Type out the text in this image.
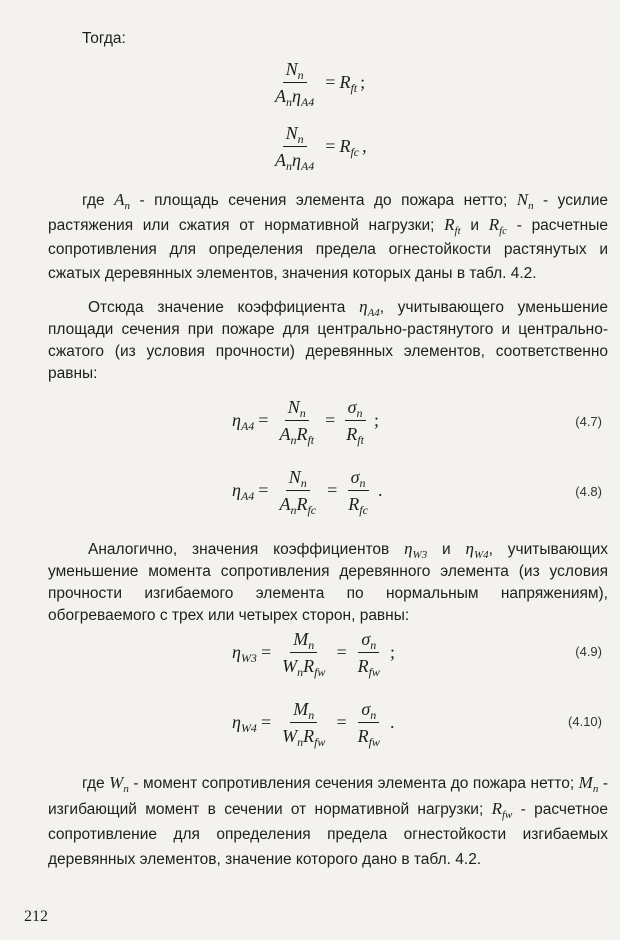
Тогда:
$\frac{N_n}{A_n\eta_{A4}} = R_{ft}$ ;
$\frac{N_n}{A_n\eta_{A4}} = R_{fc}$ ,
где $A_n$ - площадь сечения элемента до пожара нетто; $N_n$ - усилие растяжения или сжатия от нормативной нагрузки; $R_{ft}$ и $R_{fc}$ - расчетные сопротивления для определения предела огнестойкости растянутых и сжатых деревянных элементов, значения которых даны в табл. 4.2.
Отсюда значение коэффициента $\eta_{A4}$, учитывающего уменьшение площади сечения при пожаре для центрально-растянутого и центрально-сжатого (из условия прочности) деревянных элементов, соответственно равны:
$\eta_{A4} = \frac{N_n}{A_nR_{ft}} = \frac{\sigma_n}{R_{ft}}$ ;	(4.7)
$\eta_{A4} = \frac{N_n}{A_nR_{fc}} = \frac{\sigma_n}{R_{fc}}$ .	(4.8)
Аналогично, значения коэффициентов $\eta_{W3}$ и $\eta_{W4}$, учитывающих уменьшение момента сопротивления деревянного элемента (из условия прочности изгибаемого элемента по нормальным напряжениям), обогреваемого с трех или четырех сторон, равны:
$\eta_{W3} = \frac{M_n}{W_nR_{fw}} = \frac{\sigma_n}{R_{fw}}$ ;	(4.9)
$\eta_{W4} = \frac{M_n}{W_nR_{fw}} = \frac{\sigma_n}{R_{fw}}$ .	(4.10)
где $W_n$ - момент сопротивления сечения элемента до пожара нетто; $M_n$ - изгибающий момент в сечении от нормативной нагрузки; $R_{fw}$ - расчетное сопротивление для определения предела огнестойкости изгибаемых деревянных элементов, значение которого дано в табл. 4.2.
212
